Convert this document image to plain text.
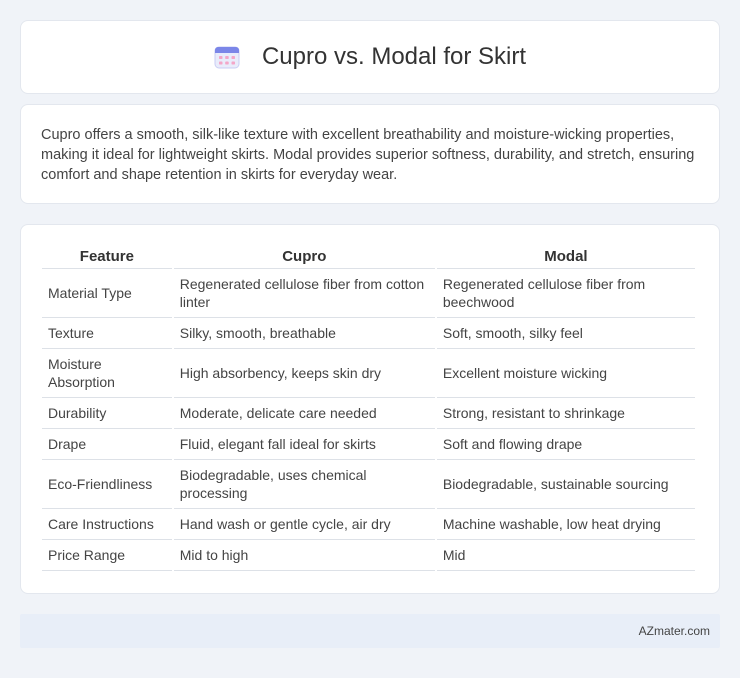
Cupro vs. Modal for Skirt

Cupro offers a smooth, silk-like texture with excellent breathability and moisture-wicking properties, making it ideal for lightweight skirts. Modal provides superior softness, durability, and stretch, ensuring comfort and shape retention in skirts for everyday wear.

Feature	Cupro	Modal
Material Type	Regenerated cellulose fiber from cotton linter	Regenerated cellulose fiber from beechwood
Texture	Silky, smooth, breathable	Soft, smooth, silky feel
Moisture Absorption	High absorbency, keeps skin dry	Excellent moisture wicking
Durability	Moderate, delicate care needed	Strong, resistant to shrinkage
Drape	Fluid, elegant fall ideal for skirts	Soft and flowing drape
Eco-Friendliness	Biodegradable, uses chemical processing	Biodegradable, sustainable sourcing
Care Instructions	Hand wash or gentle cycle, air dry	Machine washable, low heat drying
Price Range	Mid to high	Mid
AZmater.com
